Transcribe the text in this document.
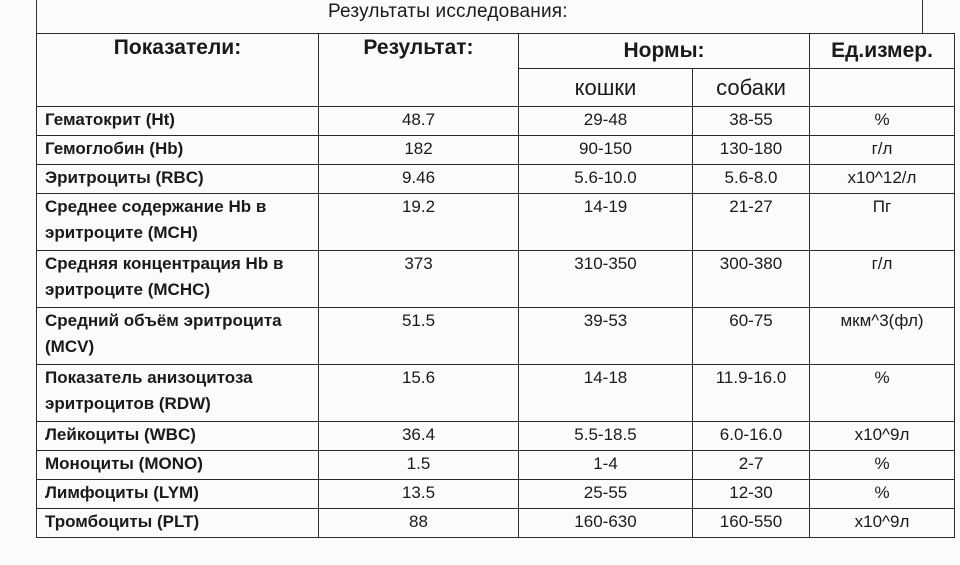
Результаты исследования:
Показатели:	Результат:	Нормы:		Ед.измер.
		кошки	собаки	
Гематокрит (Ht)	48.7	29-48	38-55	%
Гемоглобин (Hb)	182	90-150	130-180	г/л
Эритроциты (RBC)	9.46	5.6-10.0	5.6-8.0	х10^12/л
Среднее содержание Hb в эритроците (MCH)	19.2	14-19	21-27	Пг
Средняя концентрация Hb в эритроците (MCHC)	373	310-350	300-380	г/л
Средний объём эритроцита (MCV)	51.5	39-53	60-75	мкм^3(фл)
Показатель анизоцитоза эритроцитов (RDW)	15.6	14-18	11.9-16.0	%
Лейкоциты (WBC)	36.4	5.5-18.5	6.0-16.0	х10^9л
Моноциты (MONO)	1.5	1-4	2-7	%
Лимфоциты (LYM)	13.5	25-55	12-30	%
Тромбоциты (PLT)	88	160-630	160-550	х10^9л
